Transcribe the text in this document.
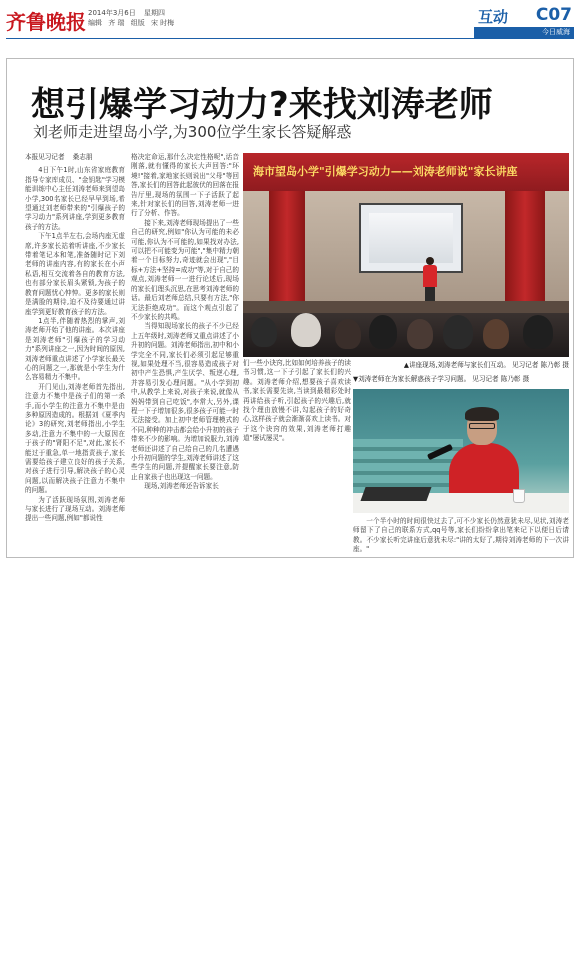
齐鲁晚报 2014年3月6日 星期四
编辑 齐 瑞 组版 宋 时梅	互动 C07
今日威海
想引爆学习动力?来找刘涛老师
刘老师走进望岛小学,为300位学生家长答疑解惑
本报见习记者 桑志朋

4日下午1时,山东省家庭教育指导专家库成员、"金钥匙"学习模能训练中心主任刘涛老师来到望岛小学,300名家长已经早早到场,希望通过刘老师带来的"引爆孩子的学习动力"系列讲座,学到更多教育孩子的方法。

下午1点半左右,会场内座无虚席,许多家长站着听讲座,不少家长带着笔记本和笔,准备随时记下刘老师的讲座内容,有的家长在小声私语,相互交流着各自的教育方法,也有部分家长眉头紧锁,为孩子的教育问题忧心忡忡。更多的家长则是满脸的期待,迫不及待要通过讲座学到更好教育孩子的方法。

1点半,伴随着热烈的掌声,刘涛老师开始了他的讲座。本次讲座是刘涛老师"引爆孩子的学习动力"系列讲座之一,因为时间的原因,刘涛老师重点讲述了小学家长最关心的问题之一,那就是小学生为什么容易精力不集中。

开门见山,刘涛老师首先指出,注意力不集中是孩子们的第一杀手,而小学生的注意力不集中是由多种原因造成的。根据刘《夏季内论》3的研究,刘老师指出,小学生多动,注意力不集中的一大原因在于孩子的"肾阳不足",对此,家长不能过于重急,单一地指责孩子,家长需要给孩子建立良好的孩子关系,对孩子进行引导,解决孩子的心灵问题,以而解决孩子注意力不集中的问题。

为了活跃现场氛围,刘涛老师与家长进行了现场互动。刘涛老师提出一些问题,例如"都说性

格决定命运,那什么决定性格呢",话音刚落,就有懂得的家长大声回答:"环境!"接着,家地家长则说出"父母"等回答,家长们的回答此起彼伏的回落在报告厅里,现场的氛围一下子活跃了起来,针对家长们的回答,刘涛老师一进行了分析、作答。

接下来,刘涛老师现场提出了一些自己的研究,例如"你认为可能的未必可能,你认为不可能的,如果找对办法,可以把不可能变为可能","集中精力朝着一个目标努力,奇迹就会出现","目标+方法+坚持=成功"等,对于自己的观点,刘涛老师一一进行论述后,现场的家长们理头沉思,在思考刘涛老师的话。最后刘老师总结,只要有方法,"你无法拒绝成功"。而这个观点引起了不少家长的共鸣。

当得知现场家长的孩子不少已经上五年级时,刘涛老师又重点讲述了小升初的问题。刘涛老师指出,初中和小学完全不同,家长们必须引起足够重视,如果处理不当,很容易造成孩子对初中产生恐惧,产生厌学、叛逆心理,并容易引发心理问题。"从小学到初中,从教学上来说,对孩子来说,就像从妈妈带到自己吃饭",李常大,另外,课程一下子增加很多,很多孩子可能一时无法接受。加上初中老师管理模式的不同,种种的冲击都会给小升初的孩子带来不少的影响。为增加说服力,刘涛老师还讲述了自己给自己的几名遭遇小升初问题的学生,刘涛老师讲述了这些学生的问题,并提醒家长要注意,防止自家孩子也出现这一问题。

现场,刘涛老师还告诉家长

海市望岛小学"引爆学习动力——刘涛老师说"家长讲座
▲讲座现场,刘涛老师与家长们互动。 见习记者 陈乃彰 摄

们一些小诀窍,比如如何培养孩子的读书习惯,这一下子引起了家长们的兴趣。刘涛老师介绍,想要孩子喜欢读书,家长需要先读,当读到最精彩处时再讲给孩子听,引起孩子的兴趣后,就找个理由放慢不讲,勾起孩子的好奇心,这样孩子就会渐渐喜欢上读书。对于这个诀窍的效果,刘涛老师打趣道"屡试屡灵"。

▼刘涛老师在为家长解惑孩子学习问题。 见习记者 陈乃彰 摄

一个半小时的时间很快过去了,可不少家长仍然意犹未尽,见状,刘涛老师留下了自己的联系方式,qq号等,家长们纷纷拿出笔来记下以便日后请教。不少家长听完讲座后意犹未尽:"讲的太好了,期待刘涛老师的下一次讲座。"
